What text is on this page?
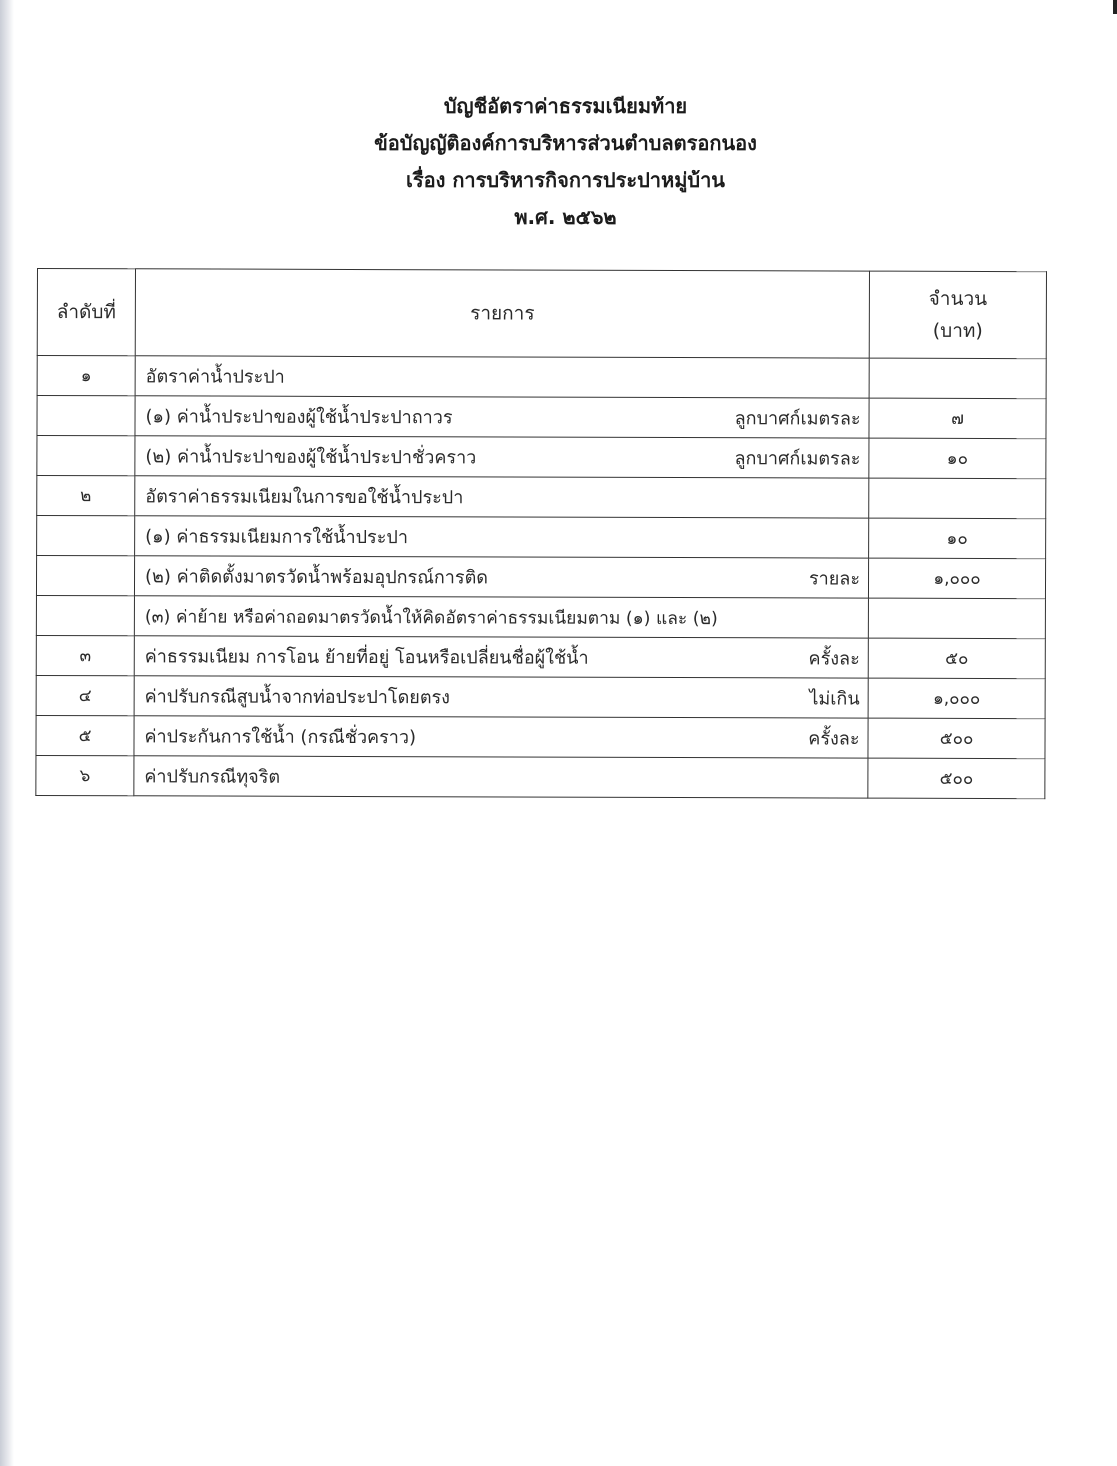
บัญชีอัตราค่าธรรมเนียมท้าย
ข้อบัญญัติองค์การบริหารส่วนตำบลตรอกนอง
เรื่อง การบริหารกิจการประปาหมู่บ้าน
พ.ศ. ๒๕๖๒
ลำดับที่	รายการ	จำนวน
(บาท)

๑	อัตราค่าน้ำประปา	

	(๑) ค่าน้ำประปาของผู้ใช้น้ำประปาถาวร ลูกบาศก์เมตรละ	๗

	(๒) ค่าน้ำประปาของผู้ใช้น้ำประปาชั่วคราว ลูกบาศก์เมตรละ	๑๐
๒	อัตราค่าธรรมเนียมในการขอใช้น้ำประปา	

	(๑) ค่าธรรมเนียมการใช้น้ำประปา	๑๐

	(๒) ค่าติดตั้งมาตรวัดน้ำพร้อมอุปกรณ์การติด รายละ	๑,๐๐๐

	(๓) ค่าย้าย หรือค่าถอดมาตรวัดน้ำให้คิดอัตราค่าธรรมเนียมตาม (๑) และ (๒)	

๓	ค่าธรรมเนียม การโอน ย้ายที่อยู่ โอนหรือเปลี่ยนชื่อผู้ใช้น้ำ ครั้งละ	๕๐
๔	ค่าปรับกรณีสูบน้ำจากท่อประปาโดยตรง ไม่เกิน	๑,๐๐๐
๕	ค่าประกันการใช้น้ำ (กรณีชั่วคราว) ครั้งละ	๕๐๐
๖	ค่าปรับกรณีทุจริต	๕๐๐
